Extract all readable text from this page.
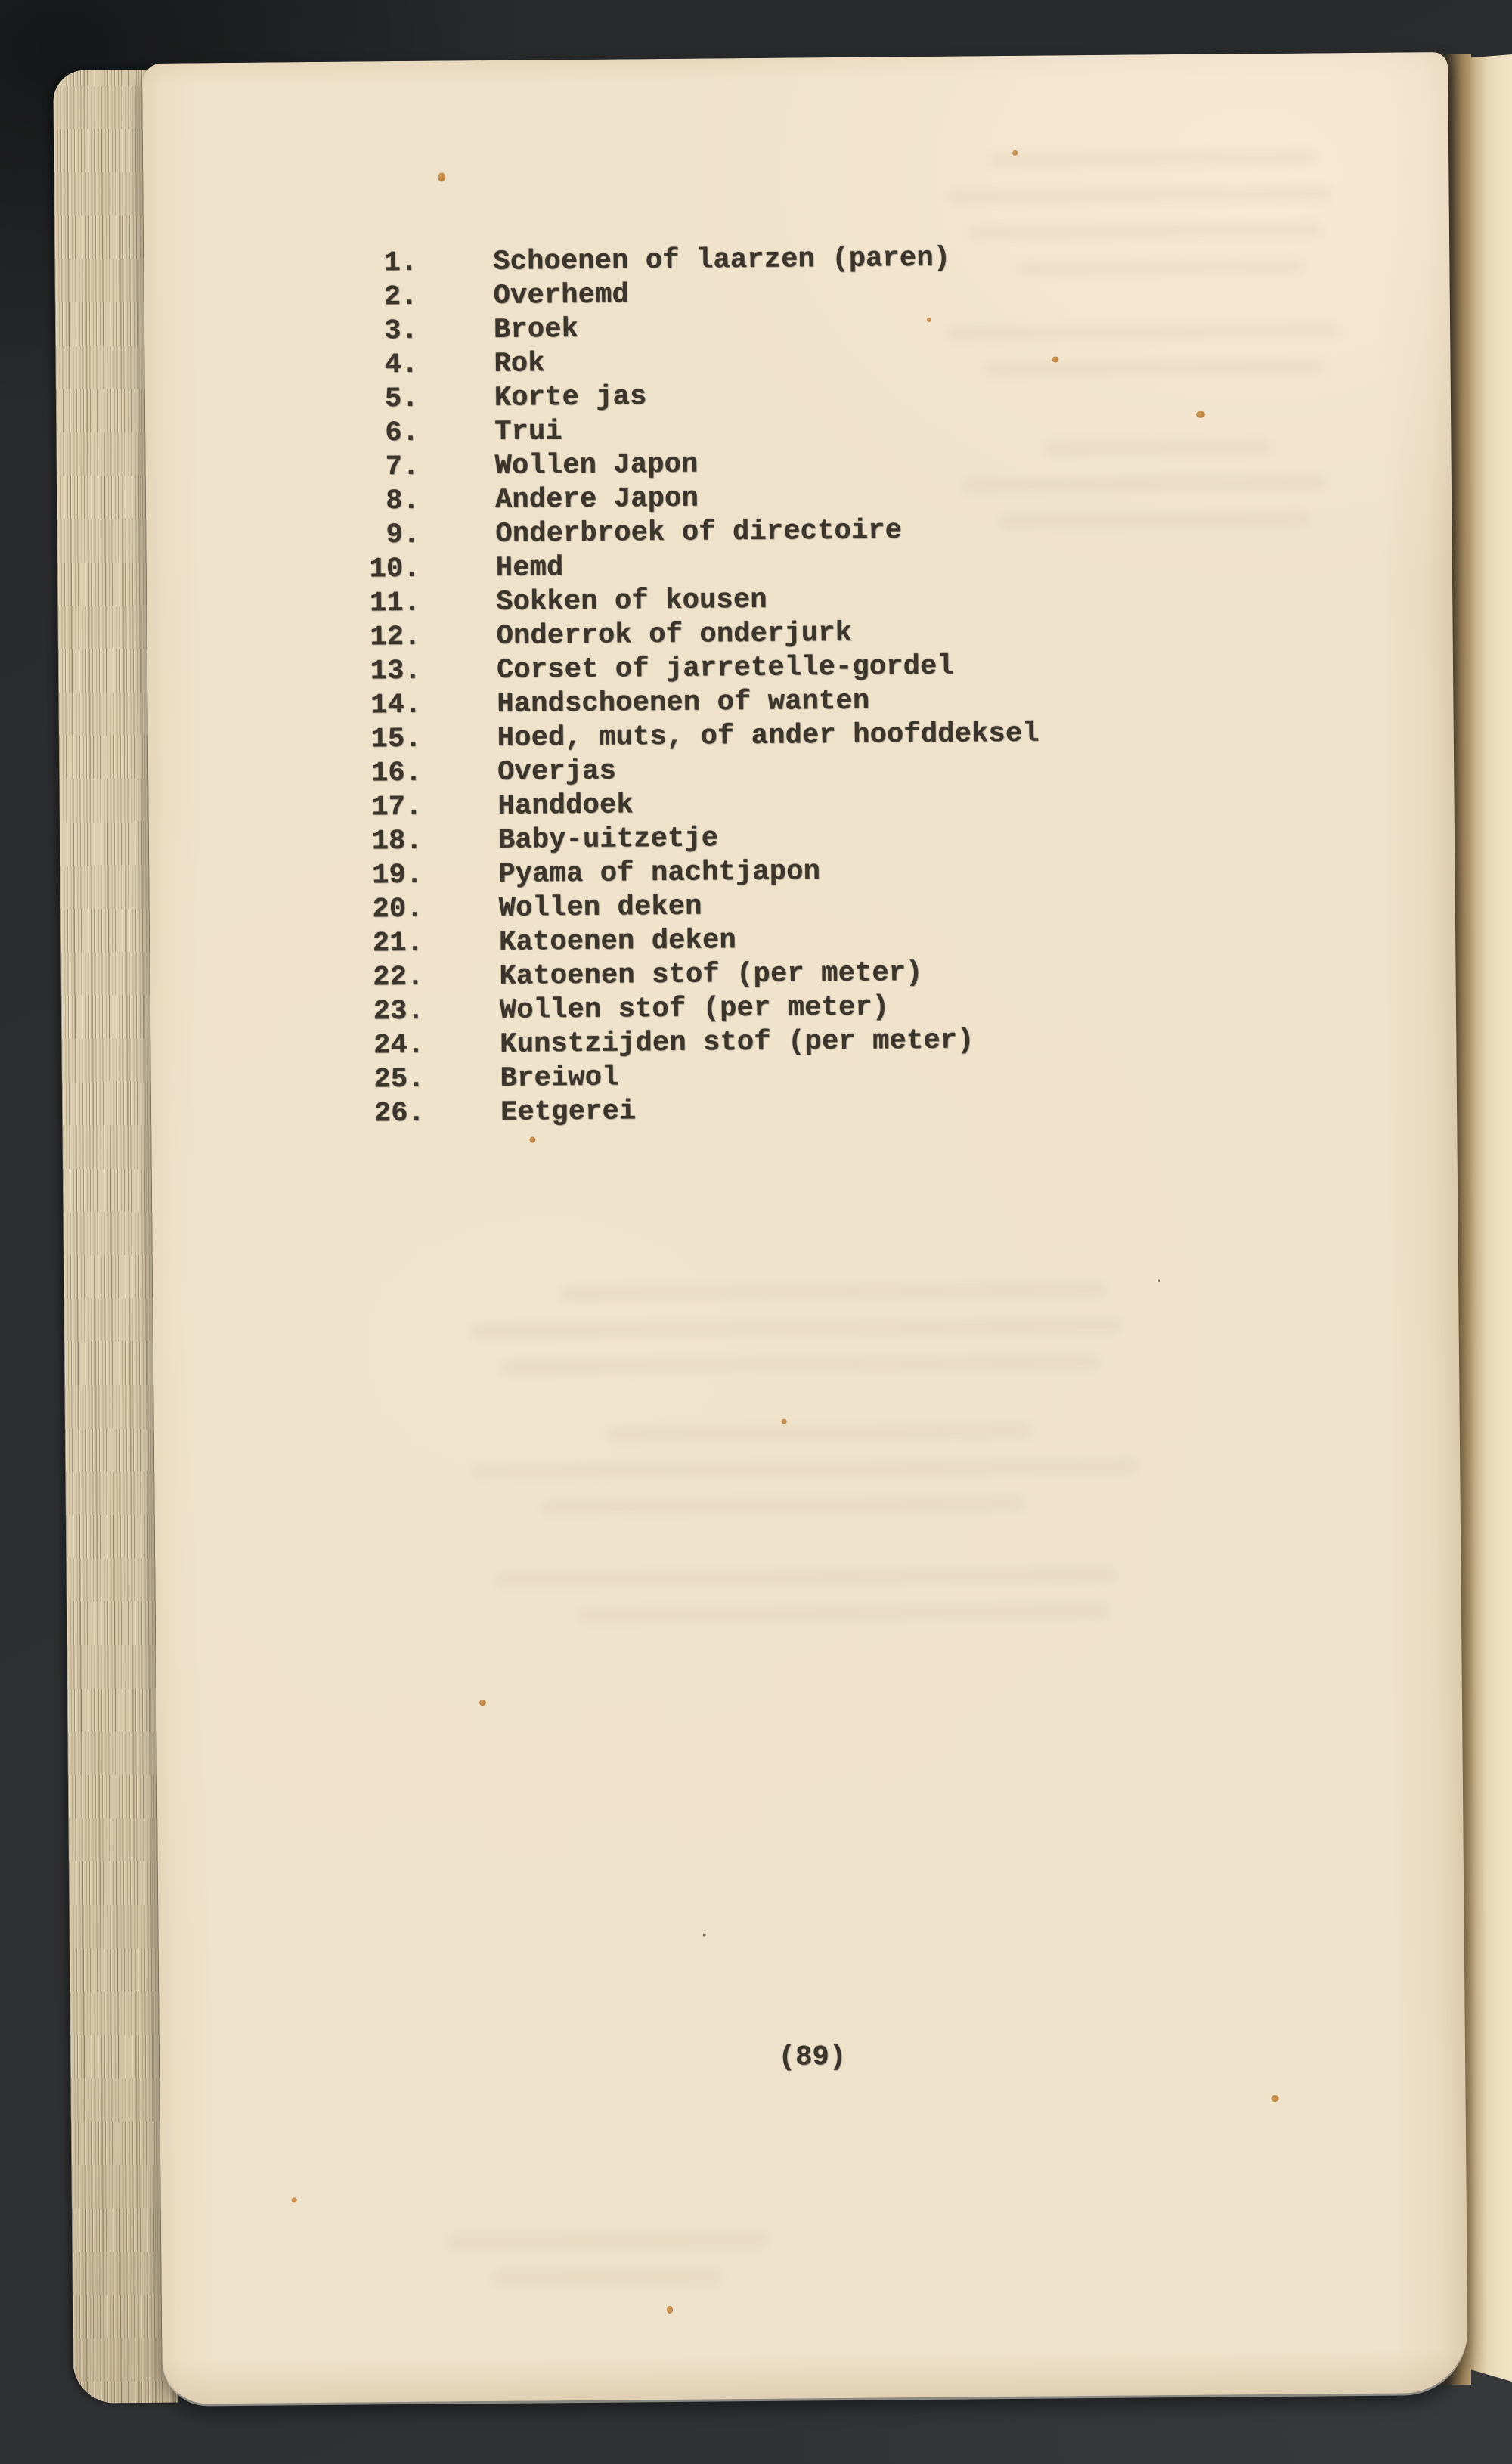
1.	Schoenen of laarzen (paren)
2.	Overhemd
3.	Broek
4.	Rok
5.	Korte jas
6.	Trui
7.	Wollen Japon
8.	Andere Japon
9.	Onderbroek of directoire
10.	Hemd
11.	Sokken of kousen
12.	Onderrok of onderjurk
13.	Corset of jarretelle-gordel
14.	Handschoenen of wanten
15.	Hoed, muts, of ander hoofddeksel
16.	Overjas
17.	Handdoek
18.	Baby-uitzetje
19.	Pyama of nachtjapon
20.	Wollen deken
21.	Katoenen deken
22.	Katoenen stof (per meter)
23.	Wollen stof (per meter)
24.	Kunstzijden stof (per meter)
25.	Breiwol
26.	Eetgerei
(89)
